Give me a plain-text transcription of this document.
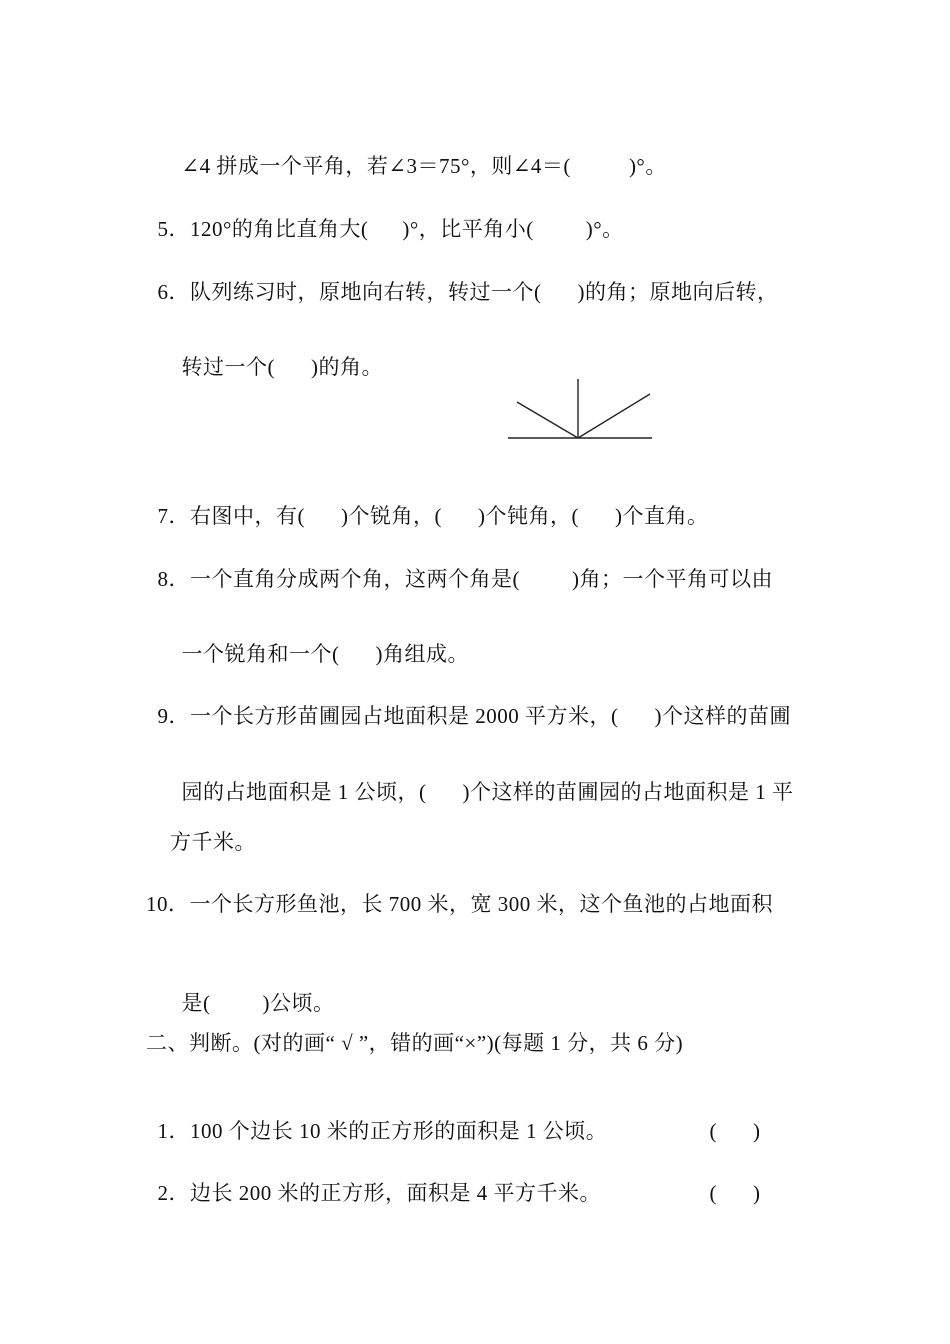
∠4 拼成一个平角，若∠3＝75°，则∠4＝(	)°。

5．120°的角比直角大( )°，比平角小( )°。

6．队列练习时，原地向右转，转过一个( )的角；原地向后转，

转过一个( )的角。

7．右图中，有( )个锐角，( )个钝角，( )个直角。

8．一个直角分成两个角，这两个角是( )角；一个平角可以由

一个锐角和一个( )角组成。

9．一个长方形苗圃园占地面积是 2000 平方米，( )个这样的苗圃

园的占地面积是 1 公顷，( )个这样的苗圃园的占地面积是 1 平

方千米。
10．一个长方形鱼池，长 700 米，宽 300 米，这个鱼池的占地面积

是( )公顷。

二、判断。(对的画“ √ ”，错的画“×”)(每题 1 分，共 6 分)

1．100 个边长 10 米的正方形的面积是 1 公顷。	( )

2．边长 200 米的正方形，面积是 4 平方千米。	( )
